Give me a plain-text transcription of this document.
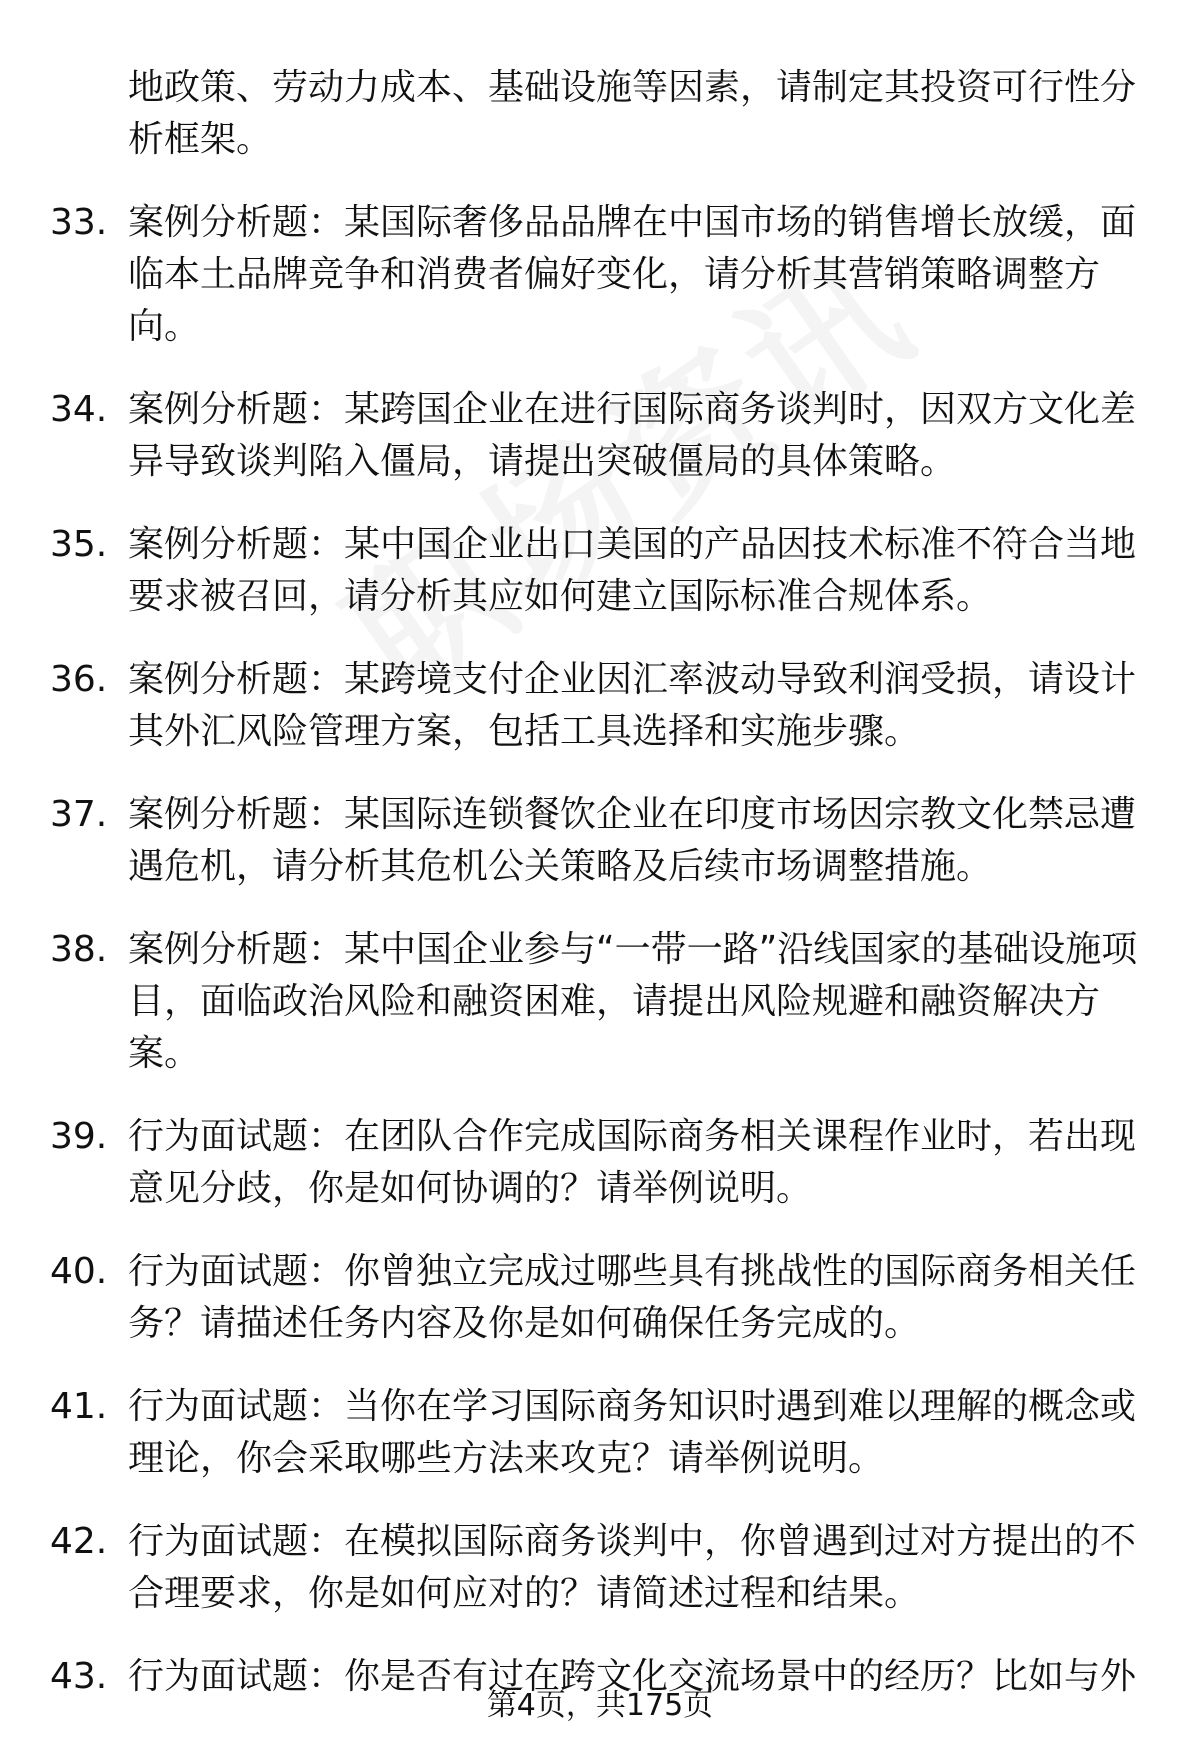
地政策、劳动力成本、基础设施等因素，请制定其投资可行性分析框架。
33. 案例分析题：某国际奢侈品品牌在中国市场的销售增长放缓，面临本土品牌竞争和消费者偏好变化，请分析其营销策略调整方向。
34. 案例分析题：某跨国企业在进行国际商务谈判时，因双方文化差异导致谈判陷入僵局，请提出突破僵局的具体策略。
35. 案例分析题：某中国企业出口美国的产品因技术标准不符合当地要求被召回，请分析其应如何建立国际标准合规体系。
36. 案例分析题：某跨境支付企业因汇率波动导致利润受损，请设计其外汇风险管理方案，包括工具选择和实施步骤。
37. 案例分析题：某国际连锁餐饮企业在印度市场因宗教文化禁忌遭遇危机，请分析其危机公关策略及后续市场调整措施。
38. 案例分析题：某中国企业参与“一带一路”沿线国家的基础设施项目，面临政治风险和融资困难，请提出风险规避和融资解决方案。
39. 行为面试题：在团队合作完成国际商务相关课程作业时，若出现意见分歧，你是如何协调的？请举例说明。
40. 行为面试题：你曾独立完成过哪些具有挑战性的国际商务相关任务？请描述任务内容及你是如何确保任务完成的。
41. 行为面试题：当你在学习国际商务知识时遇到难以理解的概念或理论，你会采取哪些方法来攻克？请举例说明。
42. 行为面试题：在模拟国际商务谈判中，你曾遇到过对方提出的不合理要求，你是如何应对的？请简述过程和结果。
43. 行为面试题：你是否有过在跨文化交流场景中的经历？比如与外
第4页，共175页
